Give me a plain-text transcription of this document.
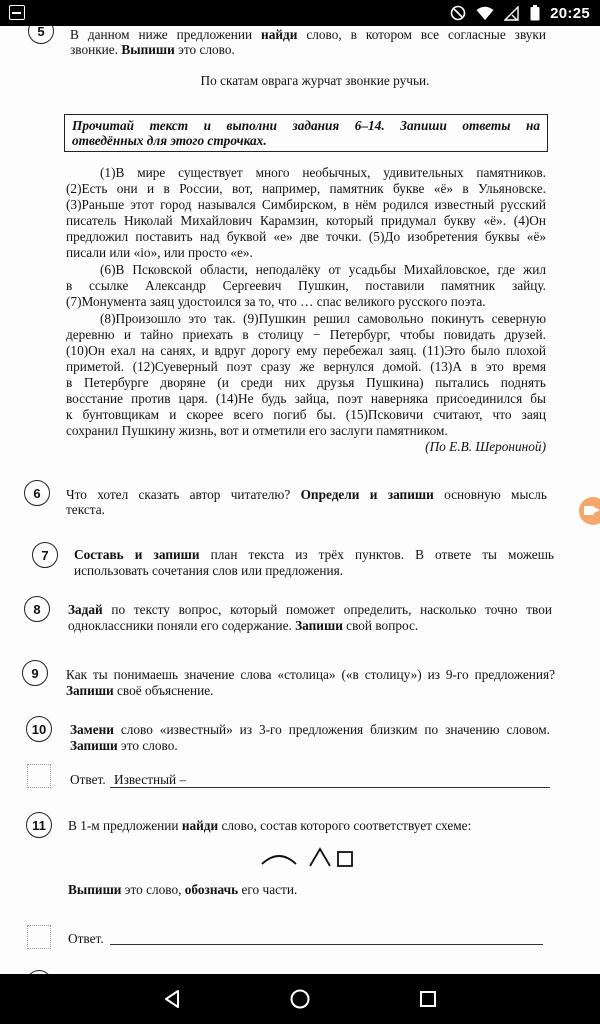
20:25
5	В данном ниже предложении найди слово, в котором все согласные звуки
звонкие. Выпиши это слово.
По скатам оврага журчат звонкие ручьи.
Прочитай текст и выполни задания 6–14. Запиши ответы на
отведённых для этого строчках.
(1)В мире существует много необычных, удивительных памятников.
(2)Есть они и в России, вот, например, памятник букве «ё» в Ульяновске.
(3)Раньше этот город назывался Симбирском, в нём родился известный русский
писатель Николай Михайлович Карамзин, который придумал букву «ё». (4)Он
предложил поставить над буквой «е» две точки. (5)До изобретения буквы «ё»
писали или «io», или просто «е».
(6)В Псковской области, неподалёку от усадьбы Михайловское, где жил
в ссылке Александр Сергеевич Пушкин, поставили памятник зайцу.
(7)Монумента заяц удостоился за то, что … спас великого русского поэта.
(8)Произошло это так. (9)Пушкин решил самовольно покинуть северную
деревню и тайно приехать в столицу − Петербург, чтобы повидать друзей.
(10)Он ехал на санях, и вдруг дорогу ему перебежал заяц. (11)Это было плохой
приметой. (12)Суеверный поэт сразу же вернулся домой. (13)А в это время
в Петербурге дворяне (и среди них друзья Пушкина) пытались поднять
восстание против царя. (14)Не будь зайца, поэт наверняка присоединился бы
к бунтовщикам и скорее всего погиб бы. (15)Псковичи считают, что заяц
сохранил Пушкину жизнь, вот и отметили его заслуги памятником.
(По Е.В. Шерониной)
6	Что хотел сказать автор читателю? Определи и запиши основную мысль
текста.
7	Составь и запиши план текста из трёх пунктов. В ответе ты можешь
использовать сочетания слов или предложения.
8	Задай по тексту вопрос, который поможет определить, насколько точно твои
одноклассники поняли его содержание. Запиши свой вопрос.
9	Как ты понимаешь значение слова «столица» («в столицу») из 9-го предложения?
Запиши своё объяснение.
10	Замени слово «известный» из 3-го предложения близким по значению словом.
Запиши это слово.
Ответ. Известный –
11	В 1-м предложении найди слово, состав которого соответствует схеме:
Выпиши это слово, обозначь его части.
Ответ.
